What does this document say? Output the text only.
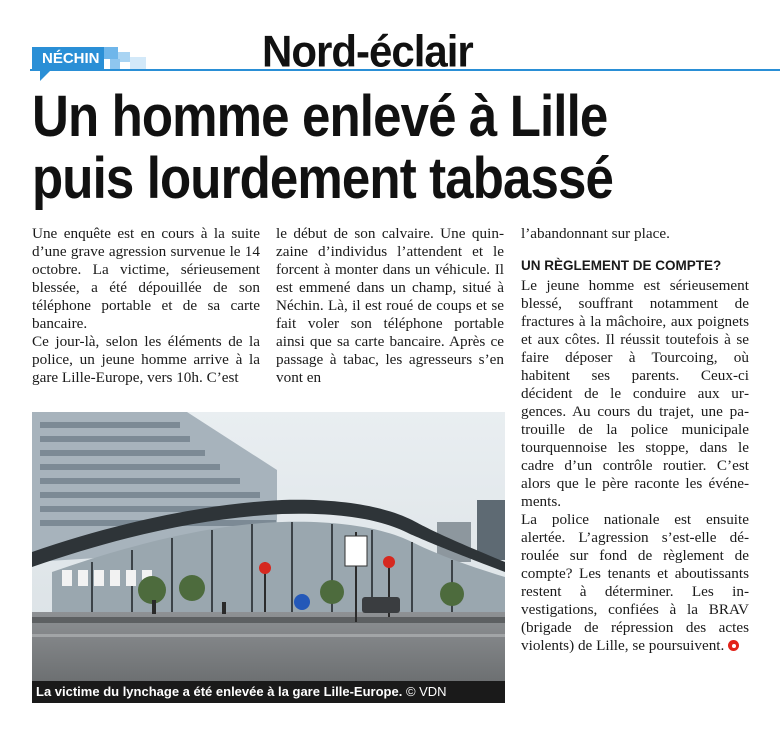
NÉCHIN	Nord-éclair
Un homme enlevé à Lille
puis lourdement tabassé

Une enquête est en cours à la suite d’une grave agression survenue le 14 octobre. La victime, sérieusement blessée, a été dépouillée de son téléphone portable et de sa carte bancaire.

Ce jour-là, selon les éléments de la police, un jeune homme arrive à la gare Lille-Europe, vers 10h. C’est

le début de son calvaire. Une quinzaine d’individus l’attendent et le forcent à monter dans un véhicule. Il est emmené dans un champ, situé à Néchin. Là, il est roué de coups et se fait voler son téléphone portable ainsi que sa carte bancaire. Après ce passage à tabac, les agresseurs s’en vont en

l’abandonnant sur place.

UN RÈGLEMENT DE COMPTE?

Le jeune homme est sérieusement blessé, souffrant notamment de fractures à la mâchoire, aux poignets et aux côtes. Il réussit toutefois à se faire déposer à Tourcoing, où habitent ses parents. Ceux-ci décident de le conduire aux urgences. Au cours du trajet, une patrouille de la police municipale tourquennoise les stoppe, dans le cadre d’un contrôle routier. C’est alors que le père raconte les événements.

La police nationale est ensuite alertée. L’agression s’est-elle déroulée sur fond de règlement de compte? Les tenants et aboutissants restent à déterminer. Les investigations, confiées à la BRAV (brigade de répression des actes violents) de Lille, se poursuivent.

La victime du lynchage a été enlevée à la gare Lille-Europe. © VDN
